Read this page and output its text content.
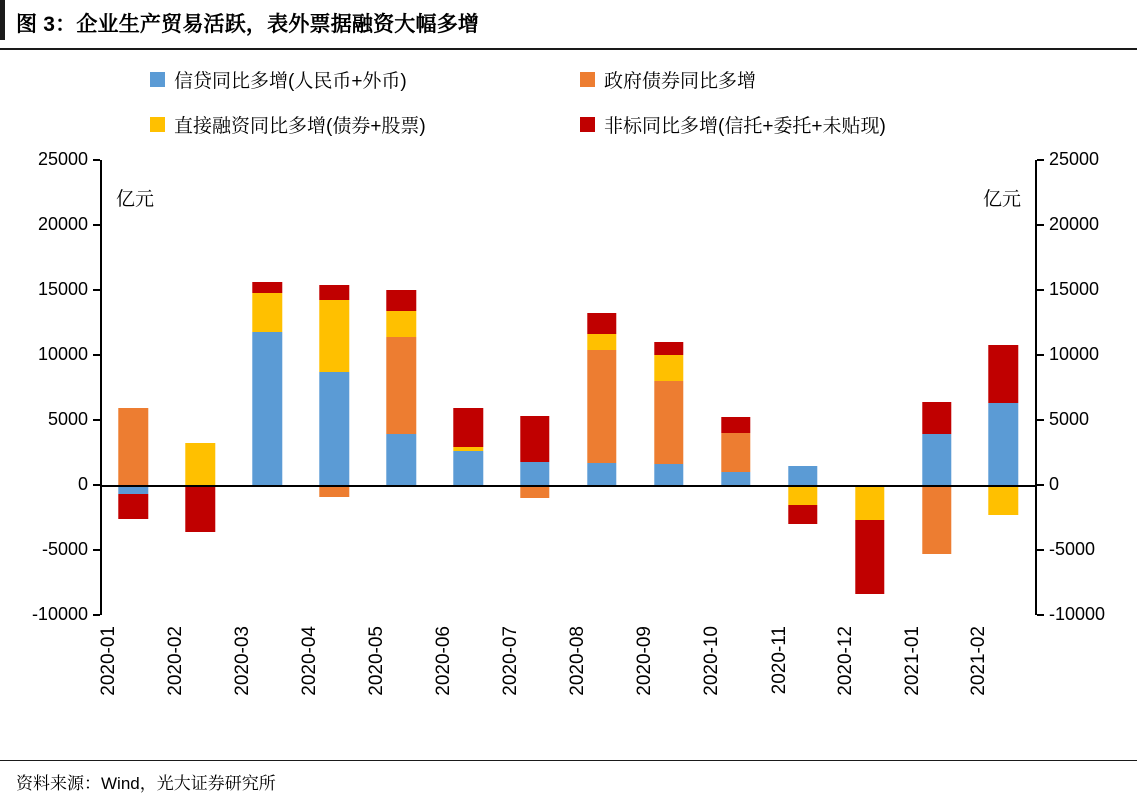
图 3：企业生产贸易活跃，表外票据融资大幅多增
信贷同比多增(人民币+外币)	政府债券同比多增
直接融资同比多增(债券+股票)	非标同比多增(信托+委托+未贴现)
亿元	亿元
-10000	-10000
-5000	-5000
0	0
5000	5000
10000	10000
15000	15000
20000	20000
25000	25000
2020-01 2020-02 2020-03 2020-04 2020-05 2020-06 2020-07 2020-08 2020-09 2020-10 2020-11 2020-12 2021-01 2021-02
资料来源：Wind，光大证券研究所
